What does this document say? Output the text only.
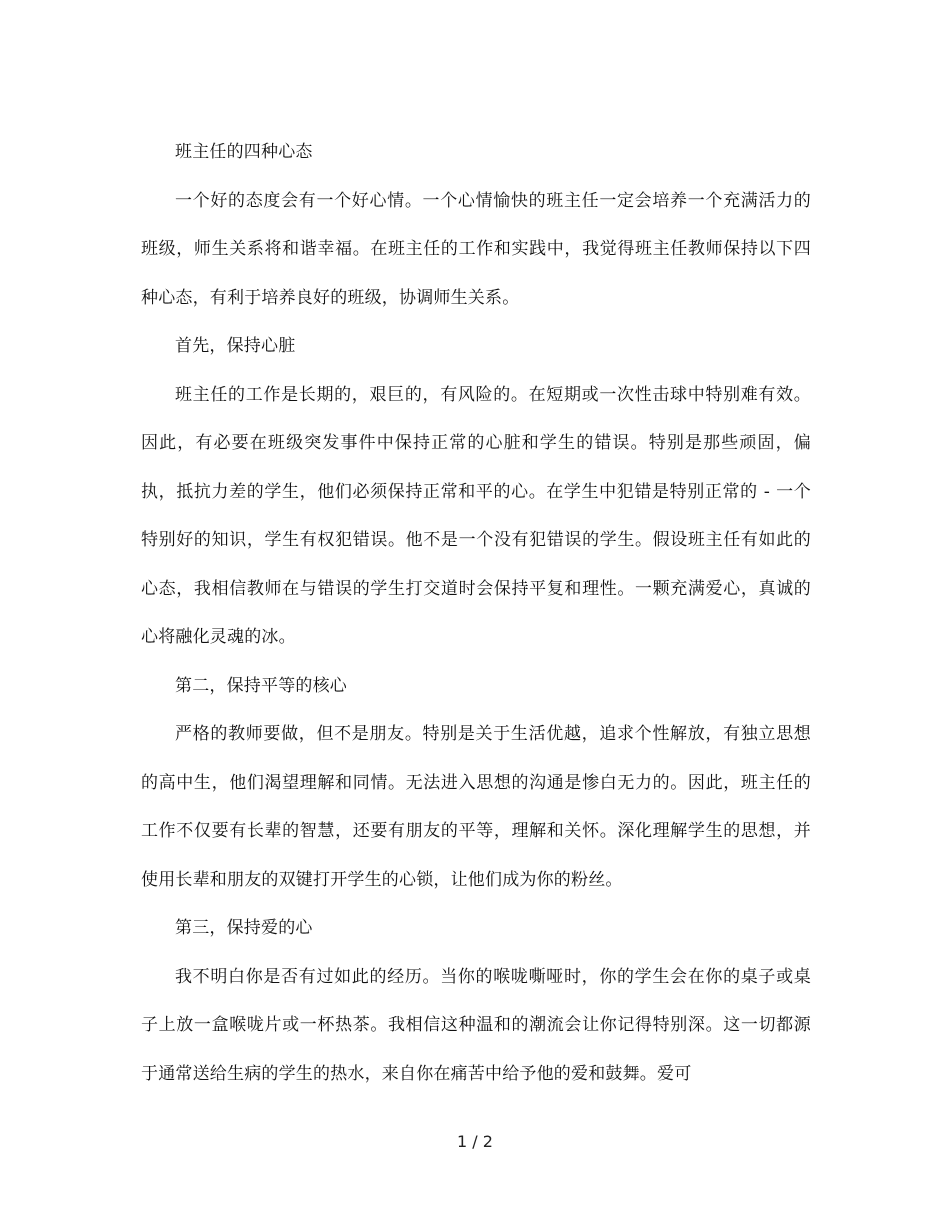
班主任的四种心态

一个好的态度会有一个好心情。一个心情愉快的班主任一定会培养一个充满活力的班级，师生关系将和谐幸福。在班主任的工作和实践中，我觉得班主任教师保持以下四种心态，有利于培养良好的班级，协调师生关系。

首先，保持心脏

班主任的工作是长期的，艰巨的，有风险的。在短期或一次性击球中特别难有效。因此，有必要在班级突发事件中保持正常的心脏和学生的错误。特别是那些顽固，偏执，抵抗力差的学生，他们必须保持正常和平的心。在学生中犯错是特别正常的 - 一个特别好的知识，学生有权犯错误。他不是一个没有犯错误的学生。假设班主任有如此的心态，我相信教师在与错误的学生打交道时会保持平复和理性。一颗充满爱心，真诚的心将融化灵魂的冰。

第二，保持平等的核心

严格的教师要做，但不是朋友。特别是关于生活优越，追求个性解放，有独立思想的高中生，他们渴望理解和同情。无法进入思想的沟通是惨白无力的。因此，班主任的工作不仅要有长辈的智慧，还要有朋友的平等，理解和关怀。深化理解学生的思想，并使用长辈和朋友的双键打开学生的心锁，让他们成为你的粉丝。

第三，保持爱的心

我不明白你是否有过如此的经历。当你的喉咙嘶哑时，你的学生会在你的桌子或桌子上放一盒喉咙片或一杯热茶。我相信这种温和的潮流会让你记得特别深。这一切都源于通常送给生病的学生的热水，来自你在痛苦中给予他的爱和鼓舞。爱可

1 / 2
